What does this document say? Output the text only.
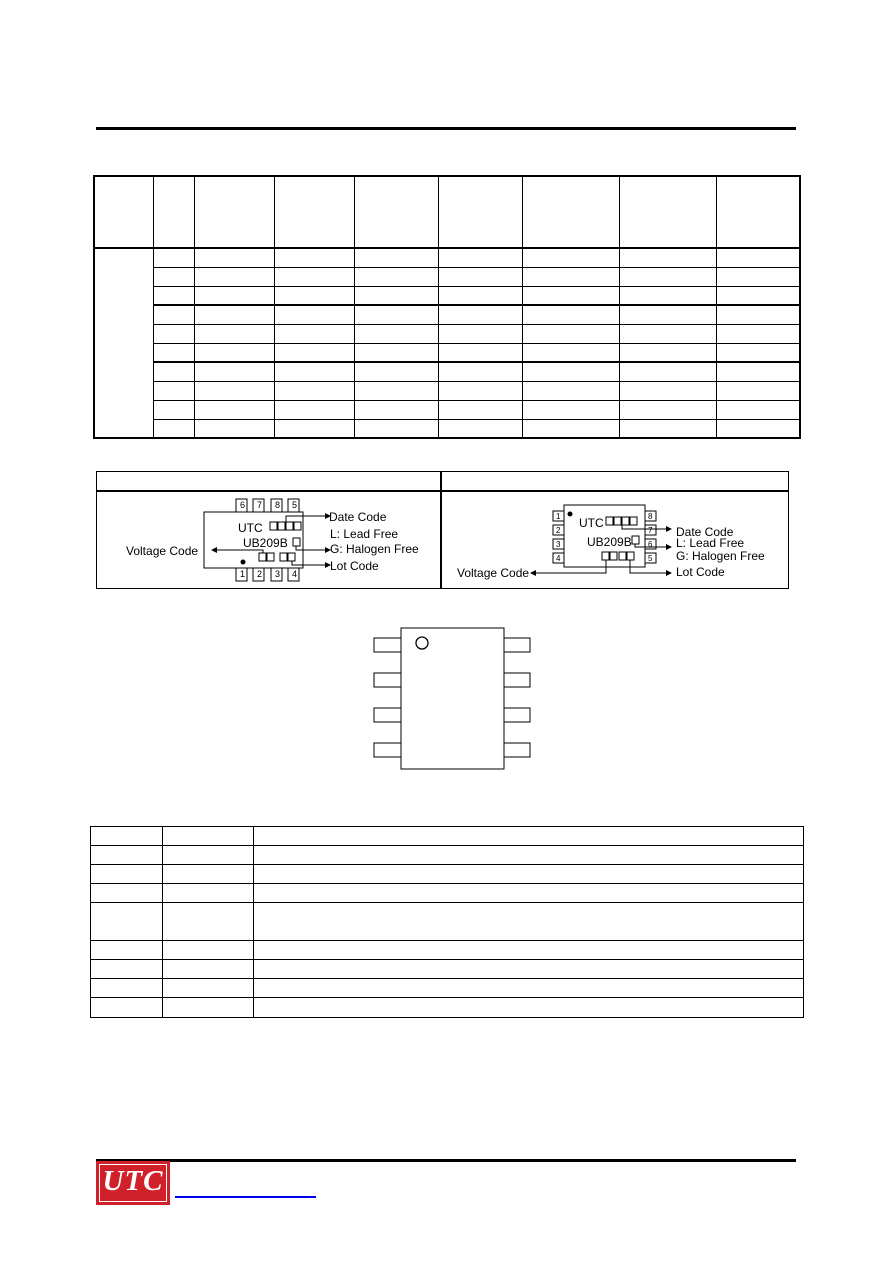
6 7 8 5
1 2 3 4
UTC
UB209B
Date Code
L: Lead Free
G: Halogen Free
Lot Code
Voltage Code
1
2
3
4
8
7
6
5
UTC
UB209B
Date Code
L: Lead Free
G: Halogen Free
Lot Code
Voltage Code

UTC
